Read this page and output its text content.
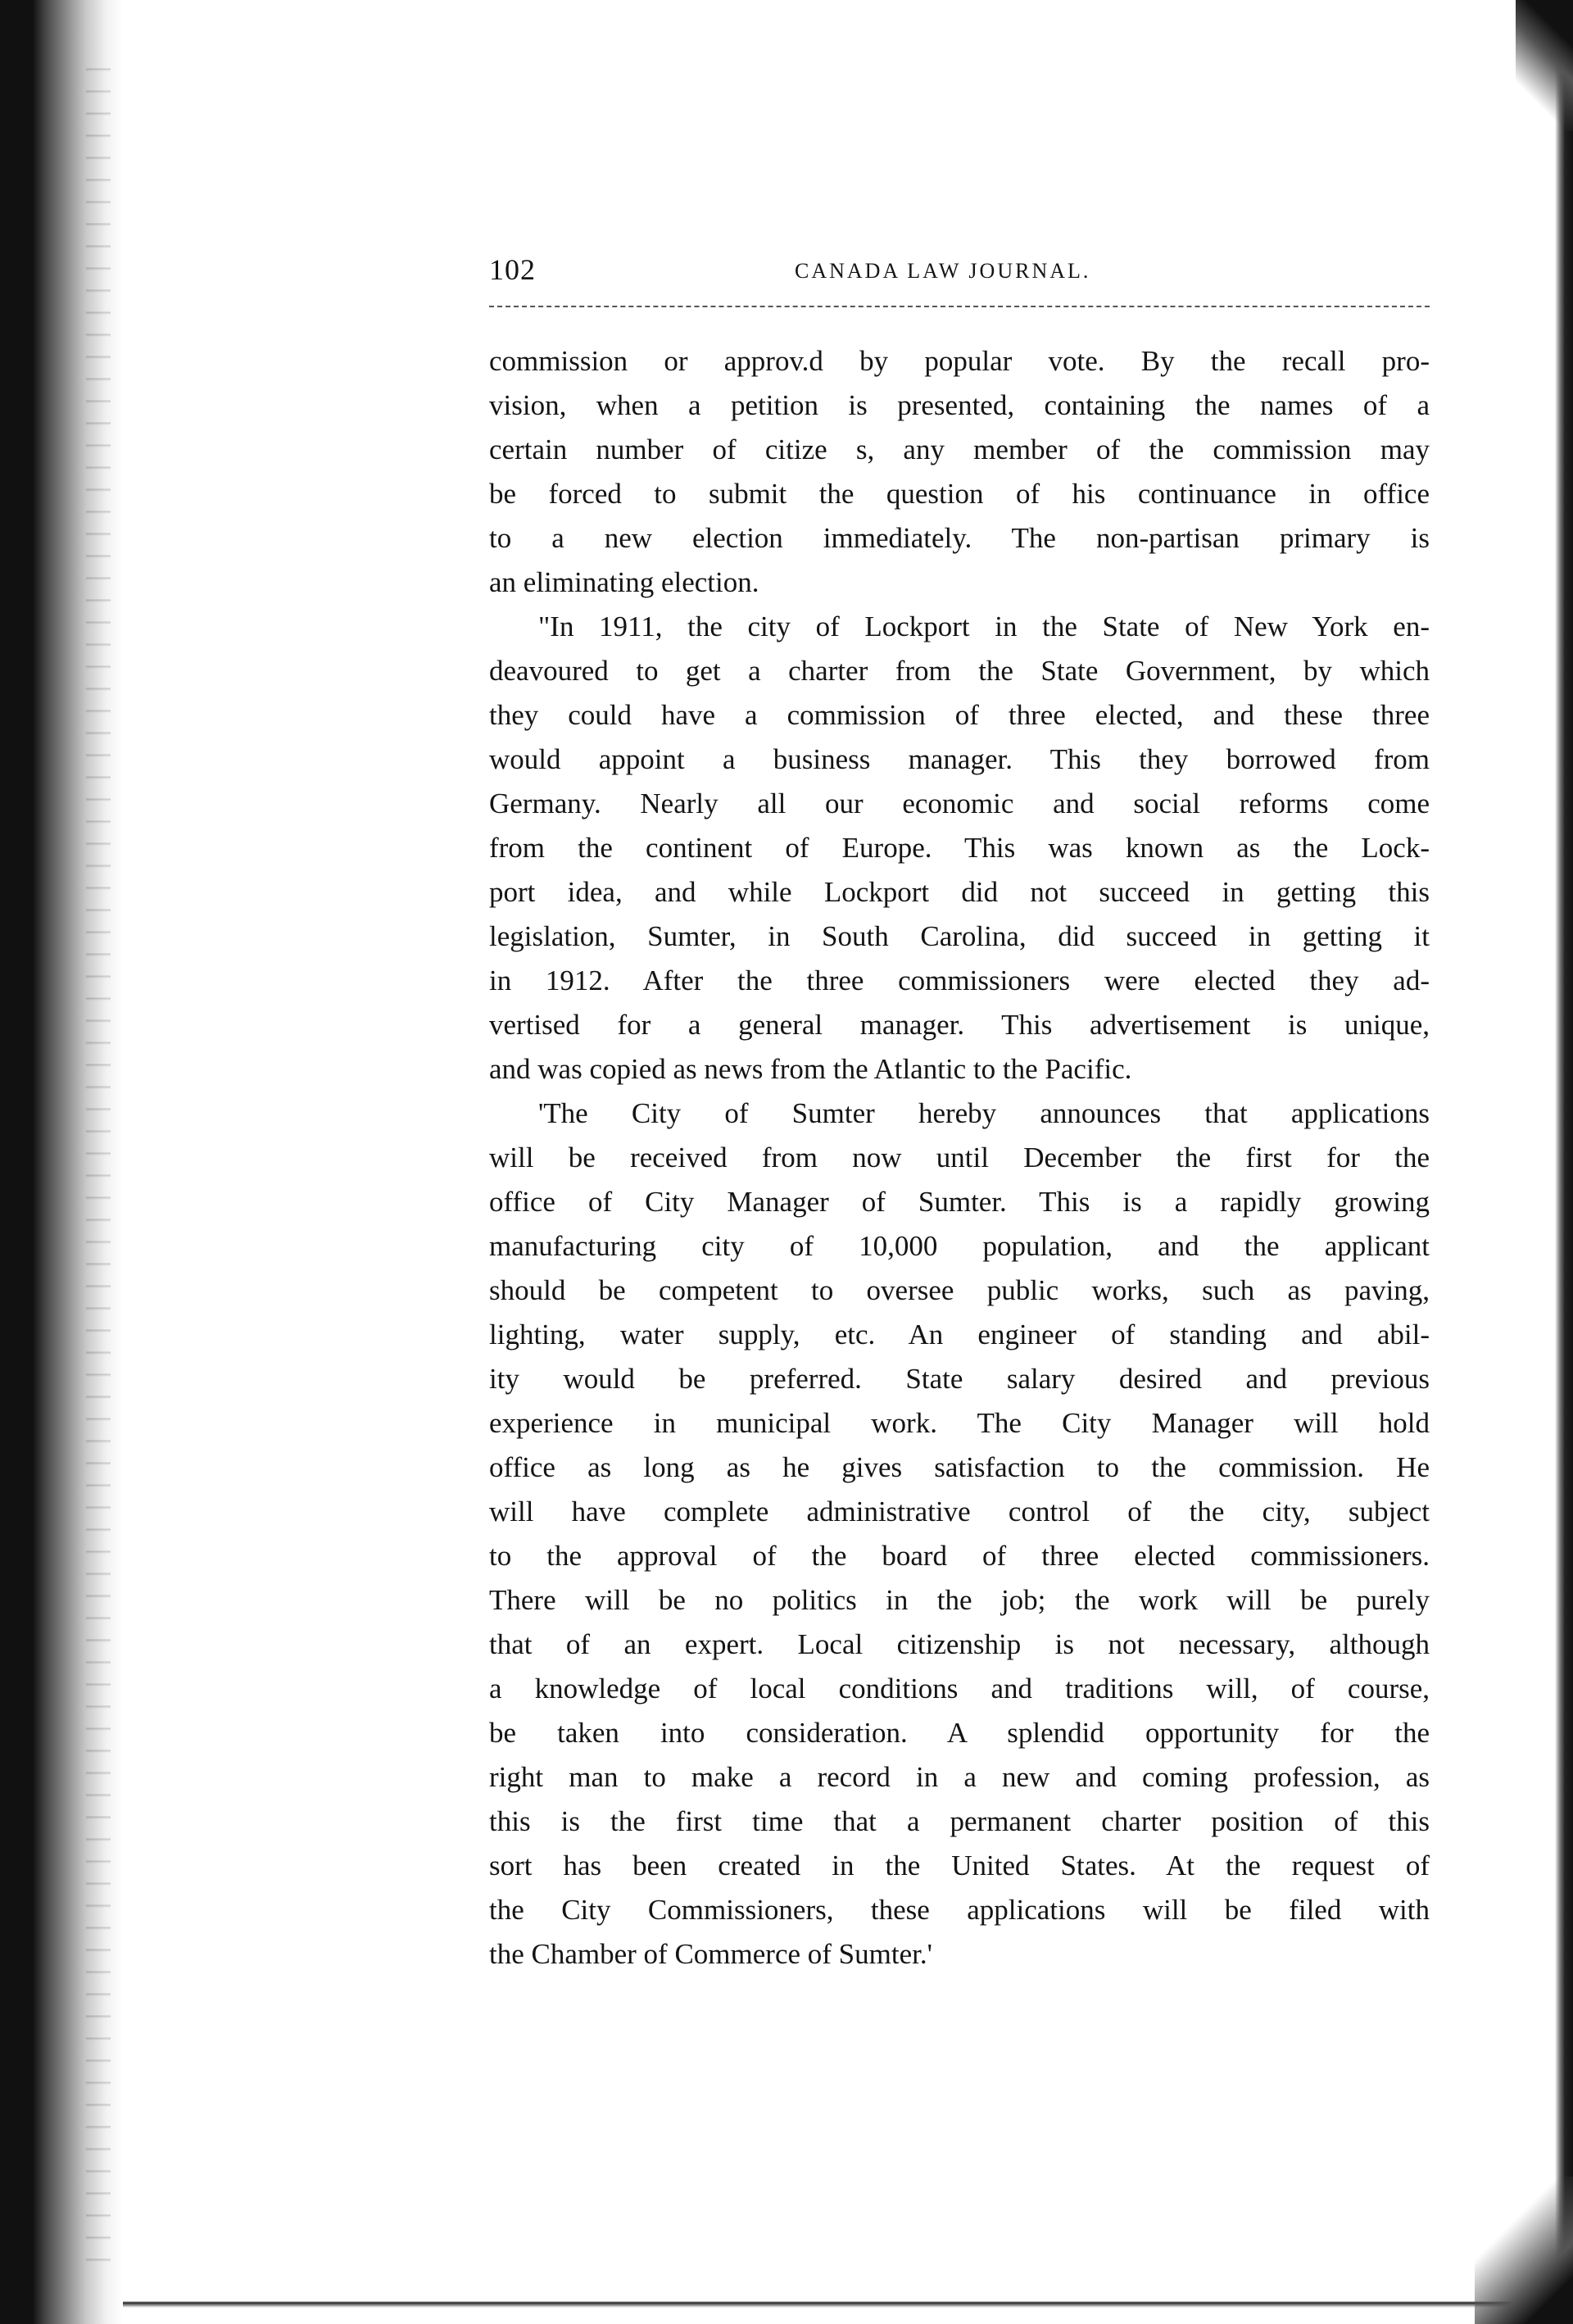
102	CANADA LAW JOURNAL.
commission or approv.d by popular vote. By the recall pro-
vision, when a petition is presented, containing the names of a
certain number of citize s, any member of the commission may
be forced to submit the question of his continuance in office
to a new election immediately. The non-partisan primary is
an eliminating election.
"In 1911, the city of Lockport in the State of New York en-
deavoured to get a charter from the State Government, by which
they could have a commission of three elected, and these three
would appoint a business manager. This they borrowed from
Germany. Nearly all our economic and social reforms come
from the continent of Europe. This was known as the Lock-
port idea, and while Lockport did not succeed in getting this
legislation, Sumter, in South Carolina, did succeed in getting it
in 1912. After the three commissioners were elected they ad-
vertised for a general manager. This advertisement is unique,
and was copied as news from the Atlantic to the Pacific.
'The City of Sumter hereby announces that applications
will be received from now until December the first for the
office of City Manager of Sumter. This is a rapidly growing
manufacturing city of 10,000 population, and the applicant
should be competent to oversee public works, such as paving,
lighting, water supply, etc. An engineer of standing and abil-
ity would be preferred. State salary desired and previous
experience in municipal work. The City Manager will hold
office as long as he gives satisfaction to the commission. He
will have complete administrative control of the city, subject
to the approval of the board of three elected commissioners.
There will be no politics in the job; the work will be purely
that of an expert. Local citizenship is not necessary, although
a knowledge of local conditions and traditions will, of course,
be taken into consideration. A splendid opportunity for the
right man to make a record in a new and coming profession, as
this is the first time that a permanent charter position of this
sort has been created in the United States. At the request of
the City Commissioners, these applications will be filed with
the Chamber of Commerce of Sumter.'
